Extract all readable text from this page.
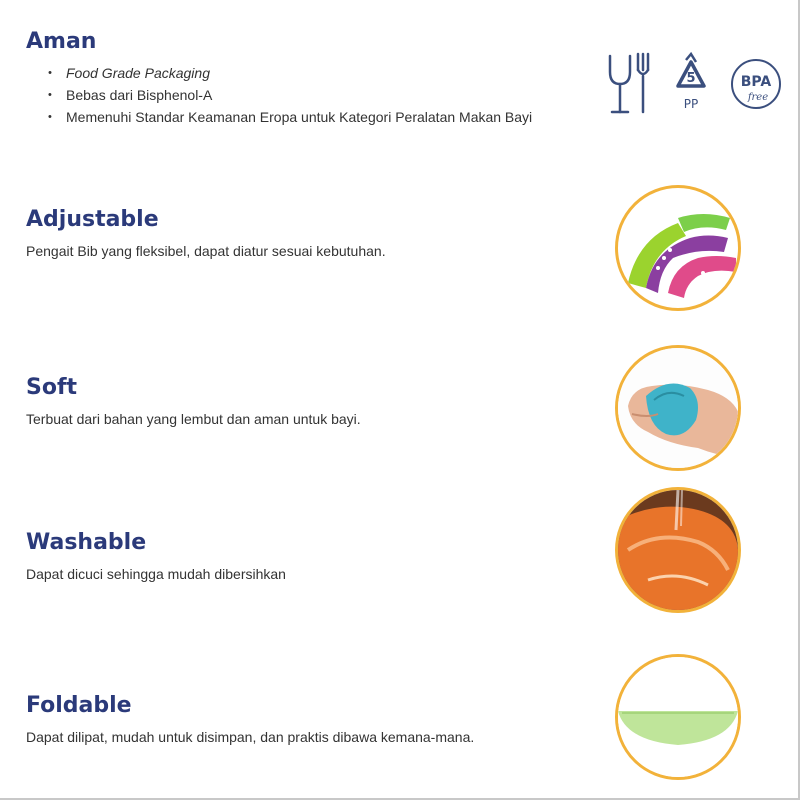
Aman
• Food Grade Packaging
• Bebas dari Bisphenol-A
• Memenuhi Standar Keamanan Eropa untuk Kategori Peralatan Makan Bayi
5
PP
BPA
free
Adjustable
Pengait Bib yang fleksibel, dapat diatur sesuai kebutuhan.
Soft
Terbuat dari bahan yang lembut dan aman untuk bayi.
Washable
Dapat dicuci sehingga mudah dibersihkan
Foldable
Dapat dilipat, mudah untuk disimpan, dan praktis dibawa kemana-mana.
